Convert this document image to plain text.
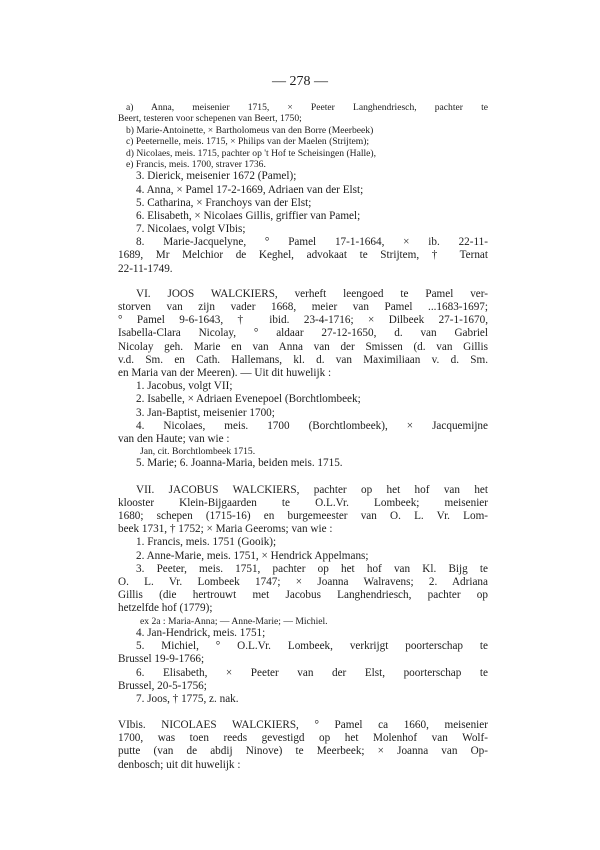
— 278 —
a) Anna, meisenier 1715, × Peeter Langhendriesch, pachter te
Beert, testeren voor schepenen van Beert, 1750;
b) Marie-Antoinette, × Bartholomeus van den Borre (Meerbeek)
c) Peeternelle, meis. 1715, × Philips van der Maelen (Strijtem);
d) Nicolaes, meis. 1715, pachter op 't Hof te Scheisingen (Halle),
e) Francis, meis. 1700, straver 1736.
3. Dierick, meisenier 1672 (Pamel);
4. Anna, × Pamel 17-2-1669, Adriaen van der Elst;
5. Catharina, × Franchoys van der Elst;
6. Elisabeth, × Nicolaes Gillis, griffier van Pamel;
7. Nicolaes, volgt VIbis;
8. Marie-Jacquelyne, ° Pamel 17-1-1664, × ib. 22-11-
1689, Mr Melchior de Keghel, advokaat te Strijtem, † Ternat
22-11-1749.
VI. JOOS WALCKIERS, verheft leengoed te Pamel ver-
storven van zijn vader 1668, meier van Pamel ...1683-1697;
° Pamel 9-6-1643, † ibid. 23-4-1716; × Dilbeek 27-1-1670,
Isabella-Clara Nicolay, ° aldaar 27-12-1650, d. van Gabriel
Nicolay geh. Marie en van Anna van der Smissen (d. van Gillis
v.d. Sm. en Cath. Hallemans, kl. d. van Maximiliaan v. d. Sm.
en Maria van der Meeren). — Uit dit huwelijk :
1. Jacobus, volgt VII;
2. Isabelle, × Adriaen Evenepoel (Borchtlombeek;
3. Jan-Baptist, meisenier 1700;
4. Nicolaes, meis. 1700 (Borchtlombeek), × Jacquemijne
van den Haute; van wie :
Jan, cit. Borchtlombeek 1715.
5. Marie; 6. Joanna-Maria, beiden meis. 1715.
VII. JACOBUS WALCKIERS, pachter op het hof van het
klooster Klein-Bijgaarden te O.L.Vr. Lombeek; meisenier
1680; schepen (1715-16) en burgemeester van O. L. Vr. Lom-
beek 1731, † 1752; × Maria Geeroms; van wie :
1. Francis, meis. 1751 (Gooik);
2. Anne-Marie, meis. 1751, × Hendrick Appelmans;
3. Peeter, meis. 1751, pachter op het hof van Kl. Bijg te
O. L. Vr. Lombeek 1747; × Joanna Walravens; 2. Adriana
Gillis (die hertrouwt met Jacobus Langhendriesch, pachter op
hetzelfde hof (1779);
ex 2a : Maria-Anna; — Anne-Marie; — Michiel.
4. Jan-Hendrick, meis. 1751;
5. Michiel, ° O.L.Vr. Lombeek, verkrijgt poorterschap te
Brussel 19-9-1766;
6. Elisabeth, × Peeter van der Elst, poorterschap te
Brussel, 20-5-1756;
7. Joos, † 1775, z. nak.
VIbis. NICOLAES WALCKIERS, ° Pamel ca 1660, meisenier
1700, was toen reeds gevestigd op het Molenhof van Wolf-
putte (van de abdij Ninove) te Meerbeek; × Joanna van Op-
denbosch; uit dit huwelijk :
